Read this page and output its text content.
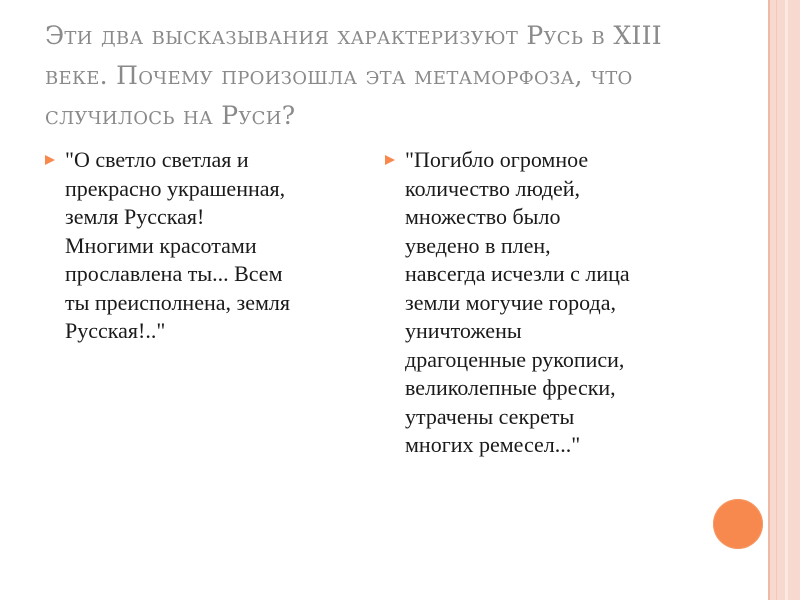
Эти два высказывания характеризуют Русь в XIII веке. Почему произошла эта метаморфоза, что случилось на Руси?
"О светло светлая и
прекрасно украшенная,
земля Русская!
Многими красотами
прославлена ты... Всем
ты преисполнена, земля
Русская!.."
"Погибло огромное
количество людей,
множество было
уведено в плен,
навсегда исчезли с лица
земли могучие города,
уничтожены
драгоценные рукописи,
великолепные фрески,
утрачены секреты
многих ремесел..."
